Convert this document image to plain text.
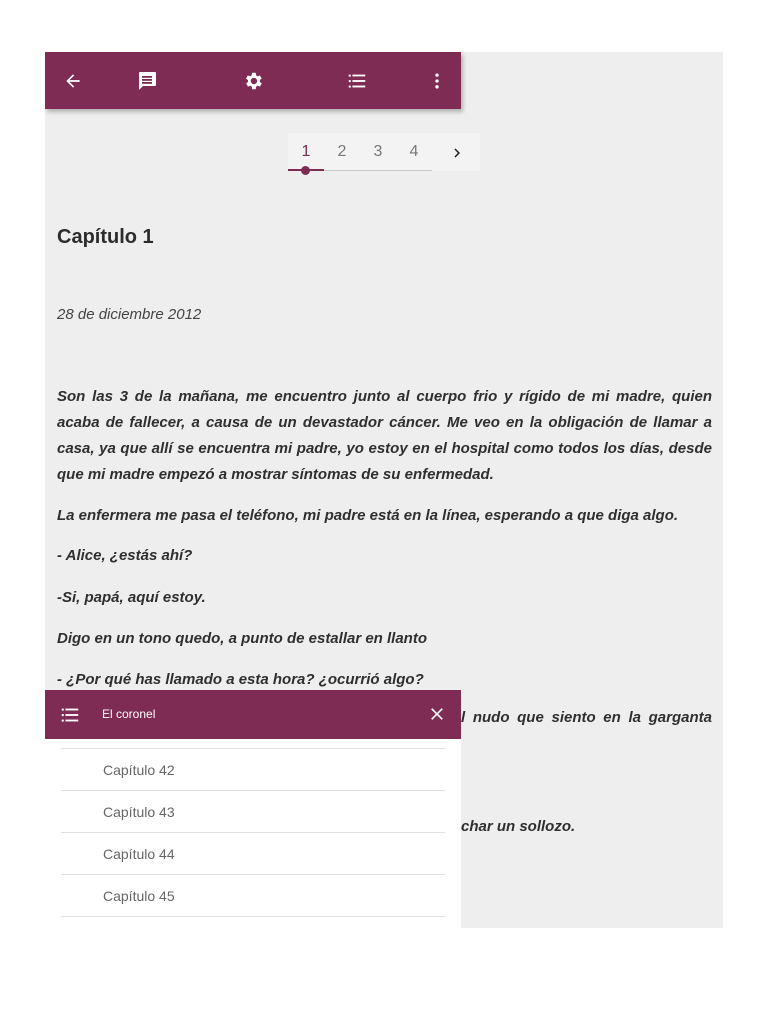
1	2	3	4
Capítulo 1
28 de diciembre 2012

Son las 3 de la mañana, me encuentro junto al cuerpo frio y rígido de mi madre, quien acaba de fallecer, a causa de un devastador cáncer. Me veo en la obligación de llamar a casa, ya que allí se encuentra mi padre, yo estoy en el hospital como todos los días, desde que mi madre empezó a mostrar síntomas de su enfermedad.

La enfermera me pasa el teléfono, mi padre está en la línea, esperando a que diga algo.

- Alice, ¿estás ahí?

-Si, papá, aquí estoy.

Digo en un tono quedo, a punto de estallar en llanto

- ¿Por qué has llamado a esta hora? ¿ocurrió algo?

l nudo que siento en la garganta
char un sollozo.
El coronel
Capítulo 42
Capítulo 43
Capítulo 44
Capítulo 45
